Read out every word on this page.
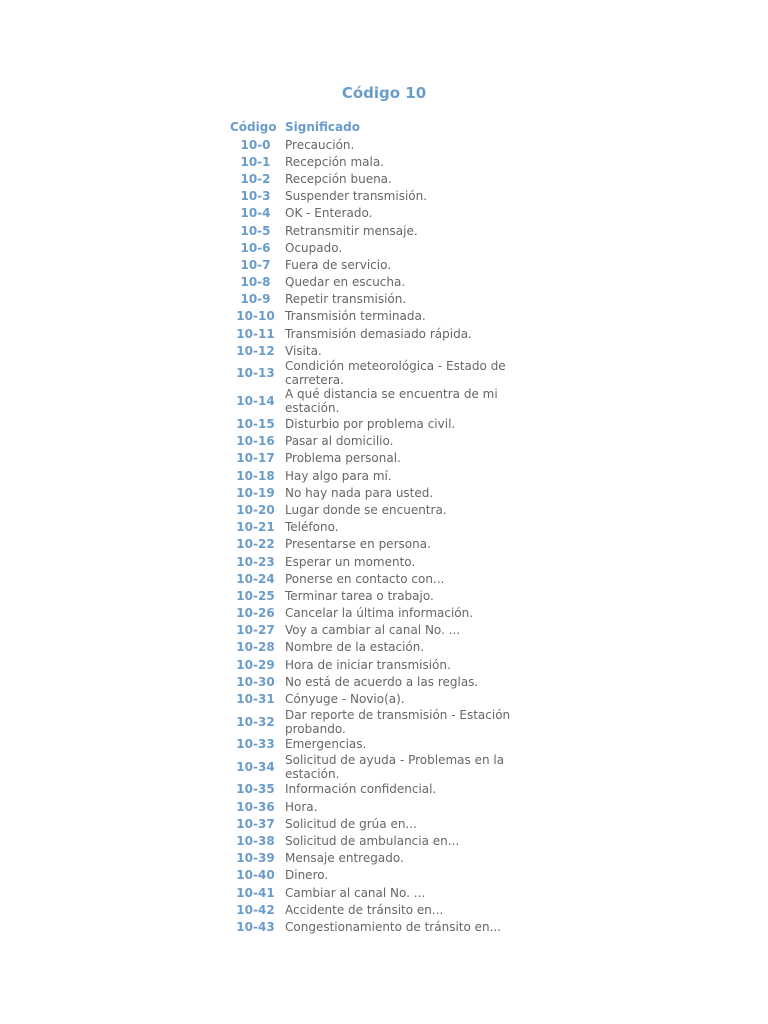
Código 10
Código	Significado
10-0	Precaución.
10-1	Recepción mala.
10-2	Recepción buena.
10-3	Suspender transmisión.
10-4	OK - Enterado.
10-5	Retransmitir mensaje.
10-6	Ocupado.
10-7	Fuera de servicio.
10-8	Quedar en escucha.
10-9	Repetir transmisión.
10-10	Transmisión terminada.
10-11	Transmisión demasiado rápida.
10-12	Visita.
10-13	Condición meteorológica - Estado de carretera.
10-14	A qué distancia se encuentra de mi estación.
10-15	Disturbio por problema civil.
10-16	Pasar al domicilio.
10-17	Problema personal.
10-18	Hay algo para mí.
10-19	No hay nada para usted.
10-20	Lugar donde se encuentra.
10-21	Teléfono.
10-22	Presentarse en persona.
10-23	Esperar un momento.
10-24	Ponerse en contacto con...
10-25	Terminar tarea o trabajo.
10-26	Cancelar la última información.
10-27	Voy a cambiar al canal No. ...
10-28	Nombre de la estación.
10-29	Hora de iniciar transmisión.
10-30	No está de acuerdo a las reglas.
10-31	Cónyuge - Novio(a).
10-32	Dar reporte de transmisión - Estación probando.
10-33	Emergencias.
10-34	Solicitud de ayuda - Problemas en la estación.
10-35	Información confidencial.
10-36	Hora.
10-37	Solicitud de grúa en...
10-38	Solicitud de ambulancia en...
10-39	Mensaje entregado.
10-40	Dinero.
10-41	Cambiar al canal No. ...
10-42	Accidente de tránsito en...
10-43	Congestionamiento de tránsito en...
